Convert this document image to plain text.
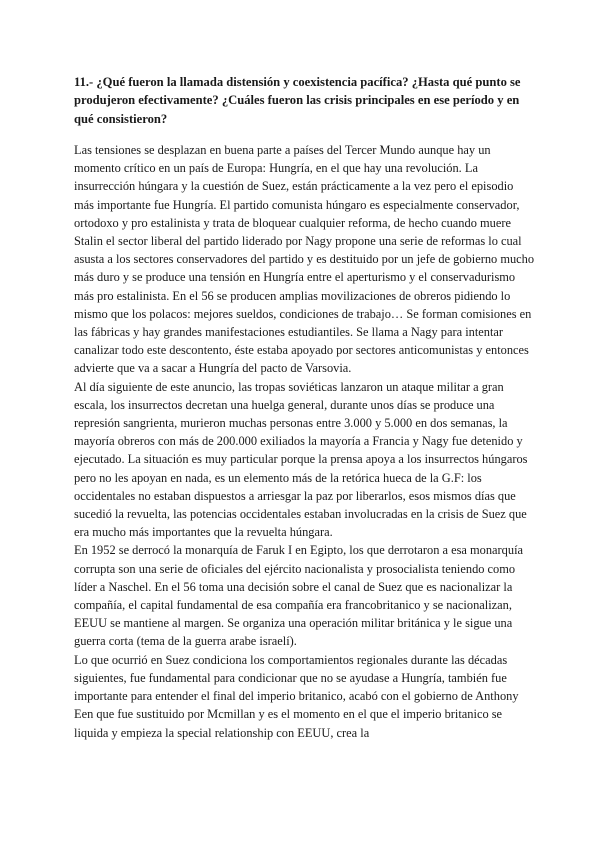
11.- ¿Qué fueron la llamada distensión y coexistencia pacífica? ¿Hasta qué punto se produjeron efectivamente? ¿Cuáles fueron las crisis principales en ese período y en qué consistieron?

Las tensiones se desplazan en buena parte a países del Tercer Mundo aunque hay un momento crítico en un país de Europa: Hungría, en el que hay una revolución. La insurrección húngara y la cuestión de Suez, están prácticamente a la vez pero el episodio más importante fue Hungría. El partido comunista húngaro es especialmente conservador, ortodoxo y pro estalinista y trata de bloquear cualquier reforma, de hecho cuando muere Stalin el sector liberal del partido liderado por Nagy propone una serie de reformas lo cual asusta a los sectores conservadores del partido y es destituido por un jefe de gobierno mucho más duro y se produce una tensión en Hungría entre el aperturismo y el conservadurismo más pro estalinista. En el 56 se producen amplias movilizaciones de obreros pidiendo lo mismo que los polacos: mejores sueldos, condiciones de trabajo… Se forman comisiones en las fábricas y hay grandes manifestaciones estudiantiles. Se llama a Nagy para intentar canalizar todo este descontento, éste estaba apoyado por sectores anticomunistas y entonces advierte que va a sacar a Hungría del pacto de Varsovia.

Al día siguiente de este anuncio, las tropas soviéticas lanzaron un ataque militar a gran escala, los insurrectos decretan una huelga general, durante unos días se produce una represión sangrienta, murieron muchas personas entre 3.000 y 5.000 en dos semanas, la mayoría obreros con más de 200.000 exiliados la mayoría a Francia y Nagy fue detenido y ejecutado. La situación es muy particular porque la prensa apoya a los insurrectos húngaros pero no les apoyan en nada, es un elemento más de la retórica hueca de la G.F: los occidentales no estaban dispuestos a arriesgar la paz por liberarlos, esos mismos días que sucedió la revuelta, las potencias occidentales estaban involucradas en la crisis de Suez que era mucho más importantes que la revuelta húngara.

En 1952 se derrocó la monarquía de Faruk I en Egipto, los que derrotaron a esa monarquía corrupta son una serie de oficiales del ejército nacionalista y prosocialista teniendo como líder a Naschel. En el 56 toma una decisión sobre el canal de Suez que es nacionalizar la compañía, el capital fundamental de esa compañía era francobritanico y se nacionalizan, EEUU se mantiene al margen. Se organiza una operación militar británica y le sigue una guerra corta (tema de la guerra arabe israelí).

Lo que ocurrió en Suez condiciona los comportamientos regionales durante las décadas siguientes, fue fundamental para condicionar que no se ayudase a Hungría, también fue importante para entender el final del imperio britanico, acabó con el gobierno de Anthony Een que fue sustituido por Mcmillan y es el momento en el que el imperio britanico se liquida y empieza la special relationship con EEUU, crea la
